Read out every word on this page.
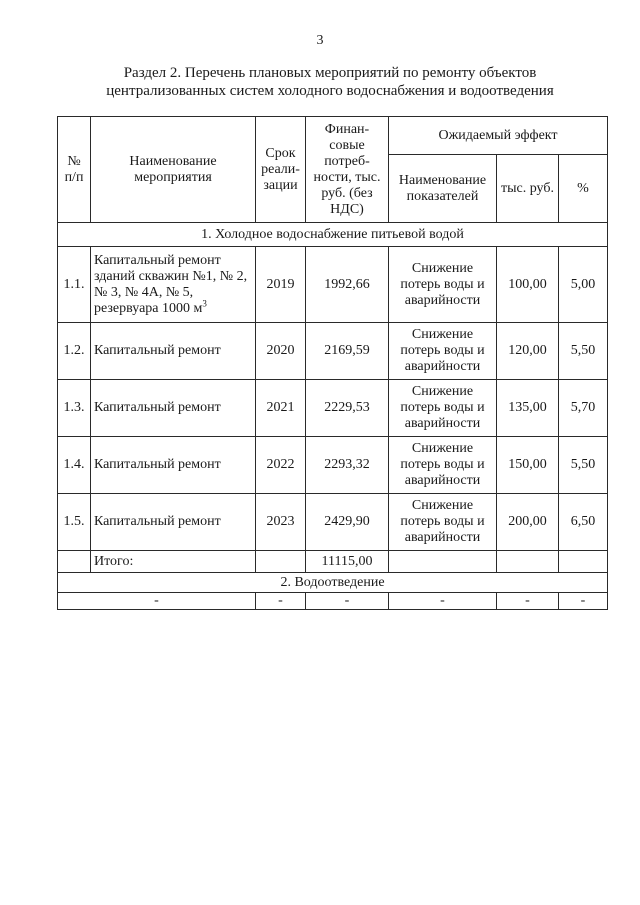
3
Раздел 2. Перечень плановых мероприятий по ремонту объектов
централизованных систем холодного водоснабжения и водоотведения
№ п/п	Наименование мероприятия	Срок реали-зации	Финан-совые потреб-ности, тыс. руб. (без НДС)	Ожидаемый эффект		
				Наименование показателей	тыс. руб.	%
1. Холодное водоснабжение питьевой водой						
1.1.	Капитальный ремонт зданий скважин №1, № 2, № 3, № 4А, № 5, резервуара 1000 $м^3$	2019	1992,66	Снижение потерь воды и аварийности	100,00	5,00
1.2.	Капитальный ремонт	2020	2169,59	Снижение потерь воды и аварийности	120,00	5,50
1.3.	Капитальный ремонт	2021	2229,53	Снижение потерь воды и аварийности	135,00	5,70
1.4.	Капитальный ремонт	2022	2293,32	Снижение потерь воды и аварийности	150,00	5,50
1.5.	Капитальный ремонт	2023	2429,90	Снижение потерь воды и аварийности	200,00	6,50
	Итого:		11115,00			
2. Водоотведение						
-		-	-	-	-	-
